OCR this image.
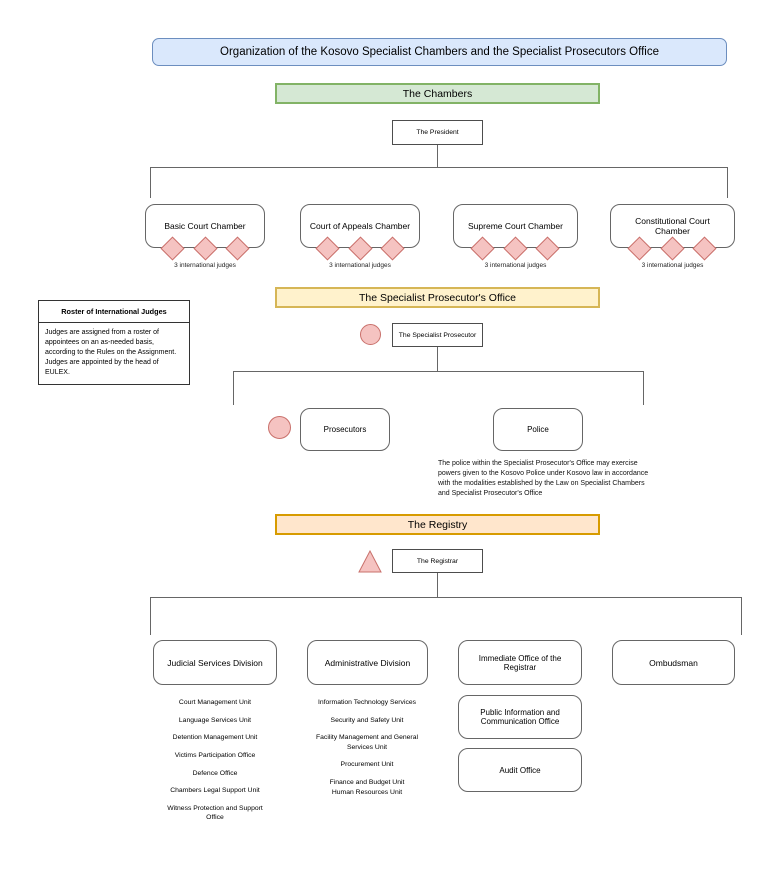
Organization of the Kosovo Specialist Chambers and the Specialist Prosecutors Office
The Chambers
The President
Basic Court Chamber	Court of Appeals Chamber	Supreme Court Chamber	Constitutional Court Chamber
3 international judges	3 international judges	3 international judges	3 international judges
Roster of International Judges
Judges are assigned from a roster of appointees on an as-needed basis, according to the Rules on the Assignment. Judges are appointed by the head of EULEX.
The Specialist Prosecutor's Office
The Specialist Prosecutor
Prosecutors	Police
The police within the Specialist Prosecutor's Office may exercise powers given to the Kosovo Police under Kosovo law in accordance with the modalities established by the Law on Specialist Chambers and Specialist Prosecutor's Office
The Registry
The Registrar
Judicial Services Division	Administrative Division	Immediate Office of the Registrar	Ombudsman
Court Management Unit
Language Services Unit
Detention Management Unit
Victims Participation Office
Defence Office
Chambers Legal Support Unit
Witness Protection and Support Office
Information Technology Services
Security and Safety Unit
Facility Management and General Services Unit
Procurement Unit
Finance and Budget Unit
Human Resources Unit
Public Information and Communication Office
Audit Office
